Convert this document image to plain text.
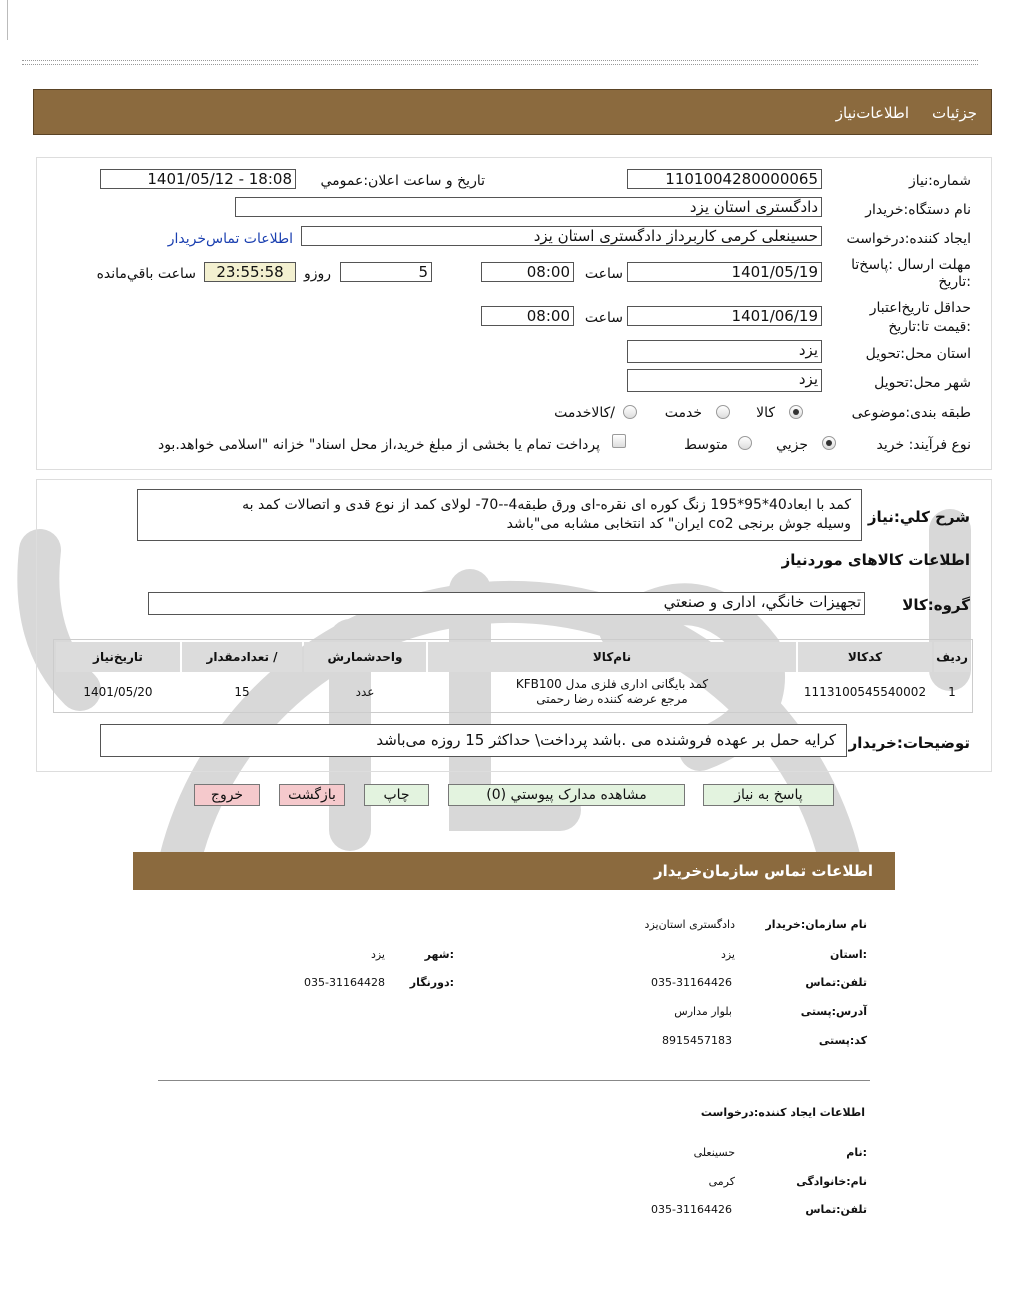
جزئیات
اطلاعات‌نیاز
شماره:نیاز
1101004280000065
تاریخ و ساعت اعلان:عمومي
1401/05/12 - 18:08
نام دستگاه:خریدار
دادگستری استان یزد
ایجاد کننده:درخواست
حسینعلی کرمی کاربرداز دادگستری استان یزد
اطلاعات تماس‌خریدار
مهلت ارسال :پاسخ‌تا
:تاریخ
1401/05/19
ساعت
08:00
5
روزو
23:55:58
ساعت باقي‌مانده
حداقل تاریخ‌اعتبار
:قیمت تا:تاریخ
1401/06/19
ساعت
08:00
استان محل:تحویل
یزد
شهر محل:تحویل
یزد
طبقه بندی:موضوعی
کالا
خدمت
/کالاخدمت
نوع فرآیند: خرید
جزیي
متوسط
پرداخت تمام یا بخشی از مبلغ خرید،از محل اسناد" خزانه "اسلامی خواهد.بود
شرح کلي:نیاز
کمد با ابعاد40*95*195 زنگ کوره ای نقره-ای ورق طبقه4--70- لولای کمد از نوع قدی و اتصالات کمد به
وسیله جوش برنجی co2 ایران" کد انتخابی مشابه می"باشد
اطلاعات کالاهای موردنیاز
گروه:کالا
تجهیزات خانگي، اداری و صنعتي
ردیف	کدکالا	نام‌کالا	واحدشمارش	/ تعدادمقدار	تاریخ‌نیاز
1	1113100545540002	کمد بایگانی اداری فلزی مدل KFB100
مرجع عرضه کننده رضا رحمتی	عدد	15	1401/05/20
توضیحات:خریدار
کرایه حمل بر عهده فروشنده می .باشد پرداخت\ حداکثر 15 روزه می‌باشد
پاسخ به نیاز
مشاهده مدارک پیوستي (0)
چاپ
بازگشت
خروج
اطلاعات تماس سازمان‌خریدار
نام سازمان:خریدار
دادگستری استان‌یزد
:استان
یزد
:شهر
یزد
تلفن:تماس
035-31164426
:دورنگار
035-31164428
آدرس:پستی
بلوار مدارس
کد:پستی
8915457183
اطلاعات ایجاد کننده:درخواست
:نام
حسینعلی
نام:خانوادگی
کرمی
تلفن:تماس
035-31164426
